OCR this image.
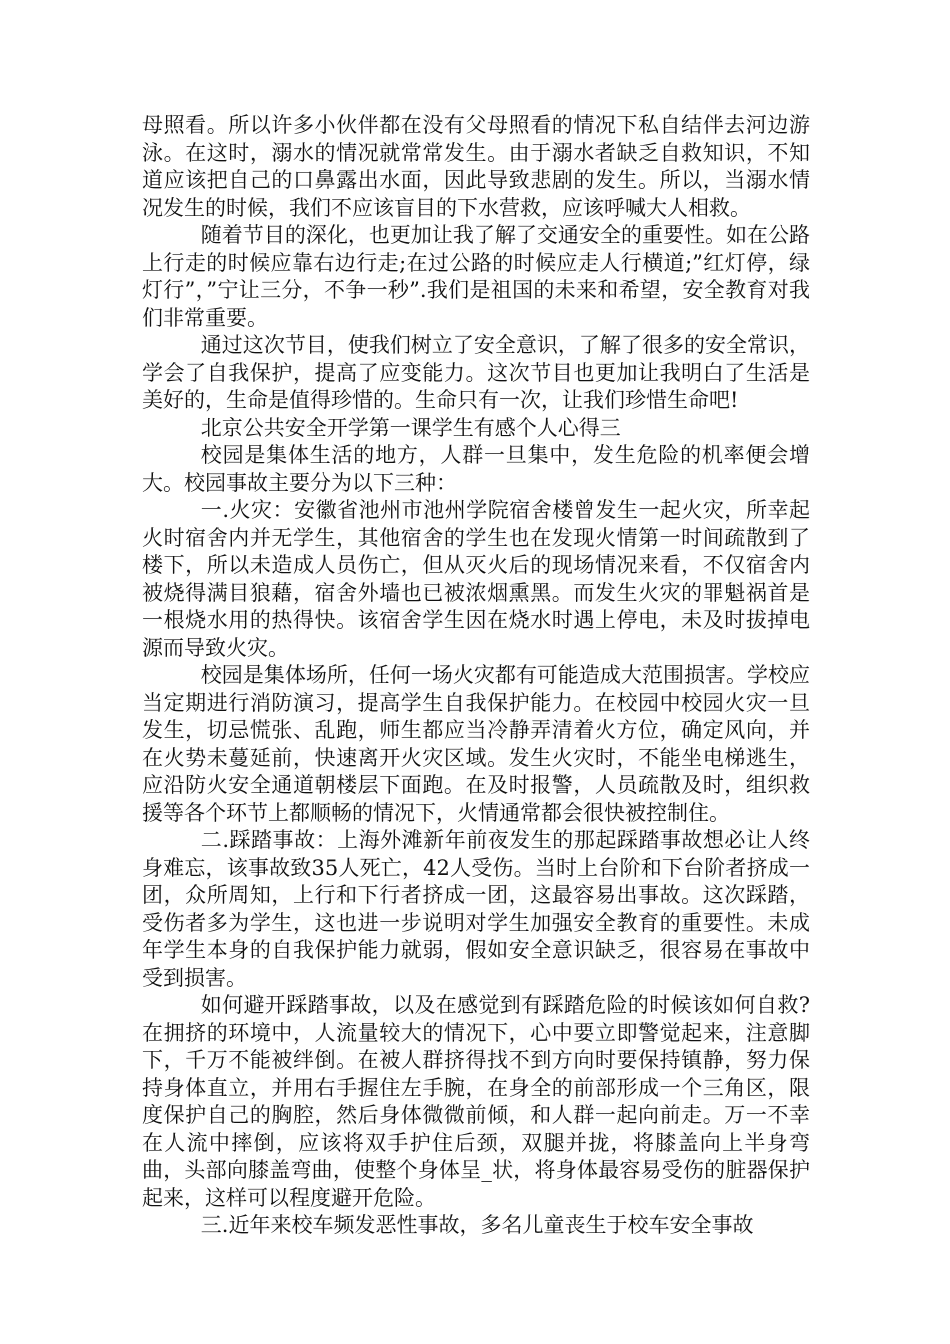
母照看。所以许多小伙伴都在没有父母照看的情况下私自结伴去河边游泳。在这时，溺水的情况就常常发生。由于溺水者缺乏自救知识，不知道应该把自己的口鼻露出水面，因此导致悲剧的发生。所以，当溺水情况发生的时候，我们不应该盲目的下水营救，应该呼喊大人相救。

随着节目的深化，也更加让我了解了交通安全的重要性。如在公路上行走的时候应靠右边行走;在过公路的时候应走人行横道;”红灯停，绿灯行”，”宁让三分，不争一秒”.我们是祖国的未来和希望，安全教育对我们非常重要。

通过这次节目，使我们树立了安全意识，了解了很多的安全常识，学会了自我保护，提高了应变能力。这次节目也更加让我明白了生活是美好的，生命是值得珍惜的。生命只有一次，让我们珍惜生命吧!

北京公共安全开学第一课学生有感个人心得三

校园是集体生活的地方，人群一旦集中，发生危险的机率便会增大。校园事故主要分为以下三种：

一.火灾：安徽省池州市池州学院宿舍楼曾发生一起火灾，所幸起火时宿舍内并无学生，其他宿舍的学生也在发现火情第一时间疏散到了楼下，所以未造成人员伤亡，但从灭火后的现场情况来看，不仅宿舍内被烧得满目狼藉，宿舍外墙也已被浓烟熏黑。而发生火灾的罪魁祸首是一根烧水用的热得快。该宿舍学生因在烧水时遇上停电，未及时拔掉电源而导致火灾。

校园是集体场所，任何一场火灾都有可能造成大范围损害。学校应当定期进行消防演习，提高学生自我保护能力。在校园中校园火灾一旦发生，切忌慌张、乱跑，师生都应当冷静弄清着火方位，确定风向，并在火势未蔓延前，快速离开火灾区域。发生火灾时，不能坐电梯逃生，应沿防火安全通道朝楼层下面跑。在及时报警，人员疏散及时，组织救援等各个环节上都顺畅的情况下，火情通常都会很快被控制住。

二.踩踏事故：上海外滩新年前夜发生的那起踩踏事故想必让人终身难忘，该事故致35人死亡，42人受伤。当时上台阶和下台阶者挤成一团，众所周知，上行和下行者挤成一团，这最容易出事故。这次踩踏，受伤者多为学生，这也进一步说明对学生加强安全教育的重要性。未成年学生本身的自我保护能力就弱，假如安全意识缺乏，很容易在事故中受到损害。

如何避开踩踏事故，以及在感觉到有踩踏危险的时候该如何自救?在拥挤的环境中，人流量较大的情况下，心中要立即警觉起来，注意脚下，千万不能被绊倒。在被人群挤得找不到方向时要保持镇静，努力保持身体直立，并用右手握住左手腕，在身全的前部形成一个三角区，限度保护自己的胸腔，然后身体微微前倾，和人群一起向前走。万一不幸在人流中摔倒，应该将双手护住后颈，双腿并拢，将膝盖向上半身弯曲，头部向膝盖弯曲，使整个身体呈_状，将身体最容易受伤的脏器保护起来，这样可以程度避开危险。

三.近年来校车频发恶性事故，多名儿童丧生于校车安全事故
